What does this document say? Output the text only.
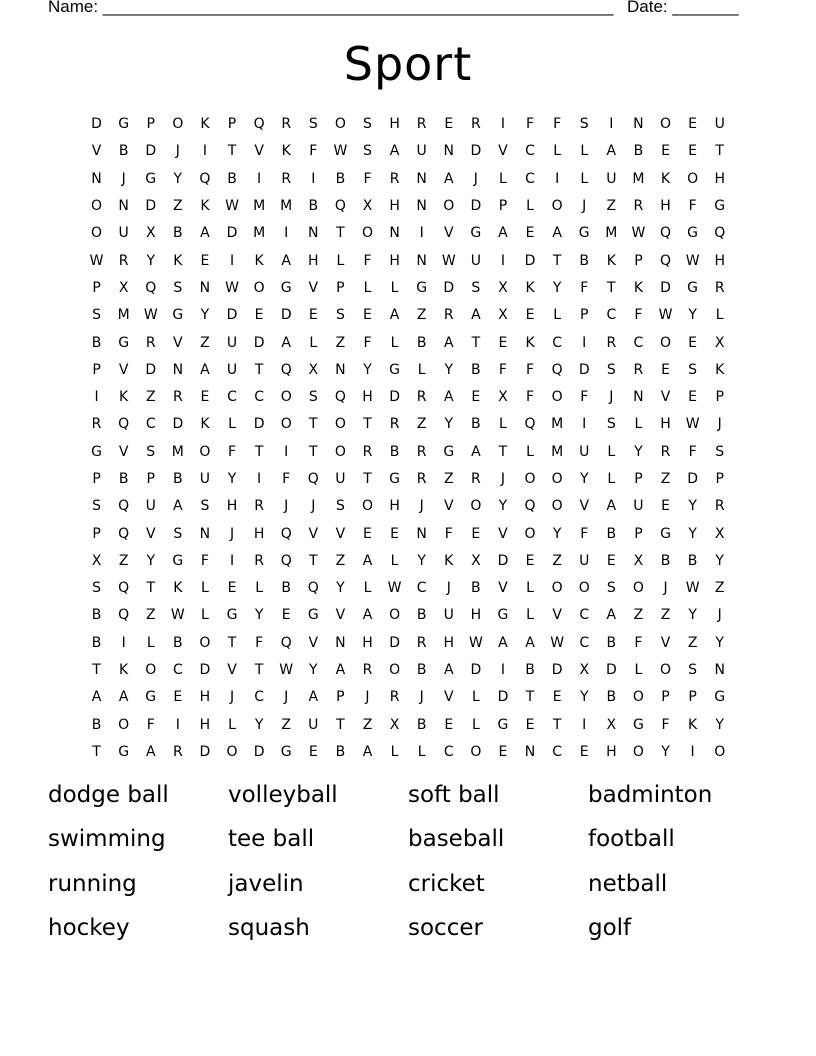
Name: ______________________________________________________ Date: _______
Sport
D	G	P	O	K	P	Q	R	S	O	S	H	R	E	R	I	F	F	S	I	N	O	E	U
V	B	D	J	I	T	V	K	F	W	S	A	U	N	D	V	C	L	L	A	B	E	E	T
N	J	G	Y	Q	B	I	R	I	B	F	R	N	A	J	L	C	I	L	U	M	K	O	H
O	N	D	Z	K	W	M	M	B	Q	X	H	N	O	D	P	L	O	J	Z	R	H	F	G
O	U	X	B	A	D	M	I	N	T	O	N	I	V	G	A	E	A	G	M	W	Q	G	Q
W	R	Y	K	E	I	K	A	H	L	F	H	N	W	U	I	D	T	B	K	P	Q	W	H
P	X	Q	S	N	W	O	G	V	P	L	L	G	D	S	X	K	Y	F	T	K	D	G	R
S	M	W	G	Y	D	E	D	E	S	E	A	Z	R	A	X	E	L	P	C	F	W	Y	L
B	G	R	V	Z	U	D	A	L	Z	F	L	B	A	T	E	K	C	I	R	C	O	E	X
P	V	D	N	A	U	T	Q	X	N	Y	G	L	Y	B	F	F	Q	D	S	R	E	S	K
I	K	Z	R	E	C	C	O	S	Q	H	D	R	A	E	X	F	O	F	J	N	V	E	P
R	Q	C	D	K	L	D	O	T	O	T	R	Z	Y	B	L	Q	M	I	S	L	H	W	J
G	V	S	M	O	F	T	I	T	O	R	B	R	G	A	T	L	M	U	L	Y	R	F	S
P	B	P	B	U	Y	I	F	Q	U	T	G	R	Z	R	J	O	O	Y	L	P	Z	D	P
S	Q	U	A	S	H	R	J	J	S	O	H	J	V	O	Y	Q	O	V	A	U	E	Y	R
P	Q	V	S	N	J	H	Q	V	V	E	E	N	F	E	V	O	Y	F	B	P	G	Y	X
X	Z	Y	G	F	I	R	Q	T	Z	A	L	Y	K	X	D	E	Z	U	E	X	B	B	Y
S	Q	T	K	L	E	L	B	Q	Y	L	W	C	J	B	V	L	O	O	S	O	J	W	Z
B	Q	Z	W	L	G	Y	E	G	V	A	O	B	U	H	G	L	V	C	A	Z	Z	Y	J
B	I	L	B	O	T	F	Q	V	N	H	D	R	H	W	A	A	W	C	B	F	V	Z	Y
T	K	O	C	D	V	T	W	Y	A	R	O	B	A	D	I	B	D	X	D	L	O	S	N
A	A	G	E	H	J	C	J	A	P	J	R	J	V	L	D	T	E	Y	B	O	P	P	G
B	O	F	I	H	L	Y	Z	U	T	Z	X	B	E	L	G	E	T	I	X	G	F	K	Y
T	G	A	R	D	O	D	G	E	B	A	L	L	C	O	E	N	C	E	H	O	Y	I	O
dodge ball	volleyball	soft ball	badminton
swimming	tee ball	baseball	football
running	javelin	cricket	netball
hockey	squash	soccer	golf
